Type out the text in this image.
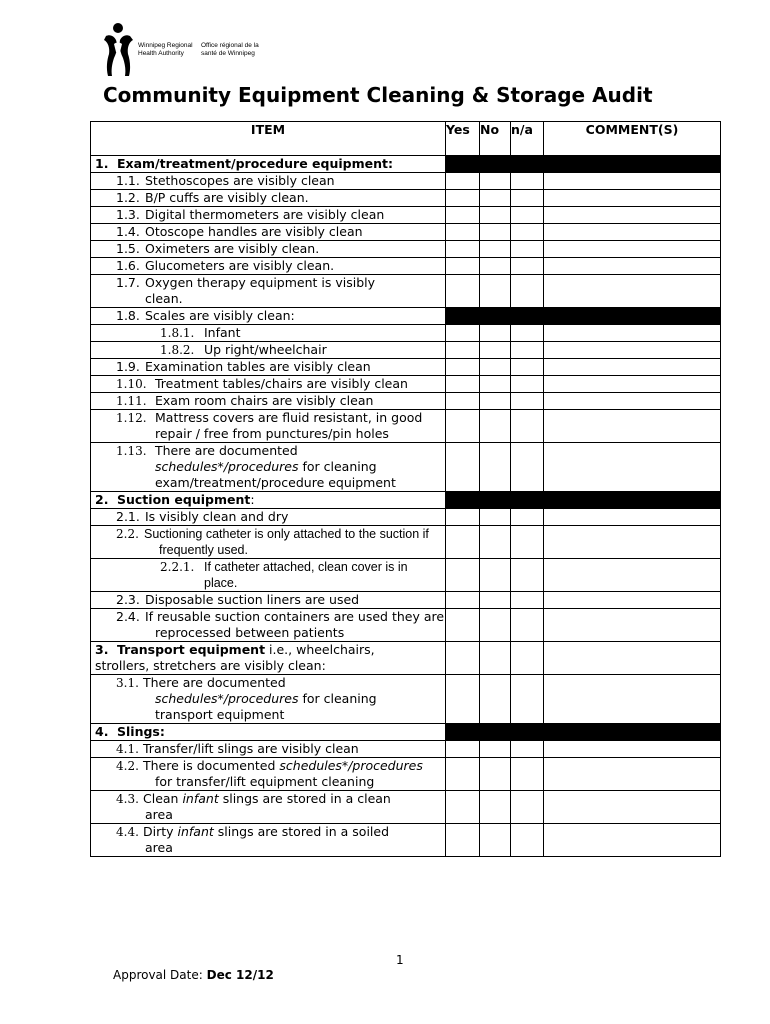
Winnipeg Regional Health Authority
Office régional de la santé de Winnipeg
Community Equipment Cleaning & Storage Audit
ITEM	Yes	No	n/a	COMMENT(S)

1. Exam/treatment/procedure equipment:				

1.1. Stethoscopes are visibly clean				

1.2. B/P cuffs are visibly clean.				

1.3. Digital thermometers are visibly clean				

1.4. Otoscope handles are visibly clean				

1.5. Oximeters are visibly clean.				

1.6. Glucometers are visibly clean.				

1.7. Oxygen therapy equipment is visibly clean.				

1.8. Scales are visibly clean:				

1.8.1. Infant				

1.8.2. Up right/wheelchair				

1.9. Examination tables are visibly clean				

1.10. Treatment tables/chairs are visibly clean				

1.11. Exam room chairs are visibly clean				

1.12. Mattress covers are fluid resistant, in good repair / free from punctures/pin holes				

1.13. There are documented schedules*/procedures for cleaning exam/treatment/procedure equipment				

2. Suction equipment:				

2.1. Is visibly clean and dry				

2.2. Suctioning catheter is only attached to the suction if frequently used.				

2.2.1. If catheter attached, clean cover is in place.				

2.3. Disposable suction liners are used				

2.4. If reusable suction containers are used they are reprocessed between patients				

3. Transport equipment i.e., wheelchairs, strollers, stretchers are visibly clean:				

3.1. There are documented schedules*/procedures for cleaning transport equipment				

4. Slings:				

4.1. Transfer/lift slings are visibly clean				

4.2. There is documented schedules*/procedures for transfer/lift equipment cleaning				

4.3. Clean infant slings are stored in a clean area				

4.4. Dirty infant slings are stored in a soiled area				

1
Approval Date: Dec 12/12
